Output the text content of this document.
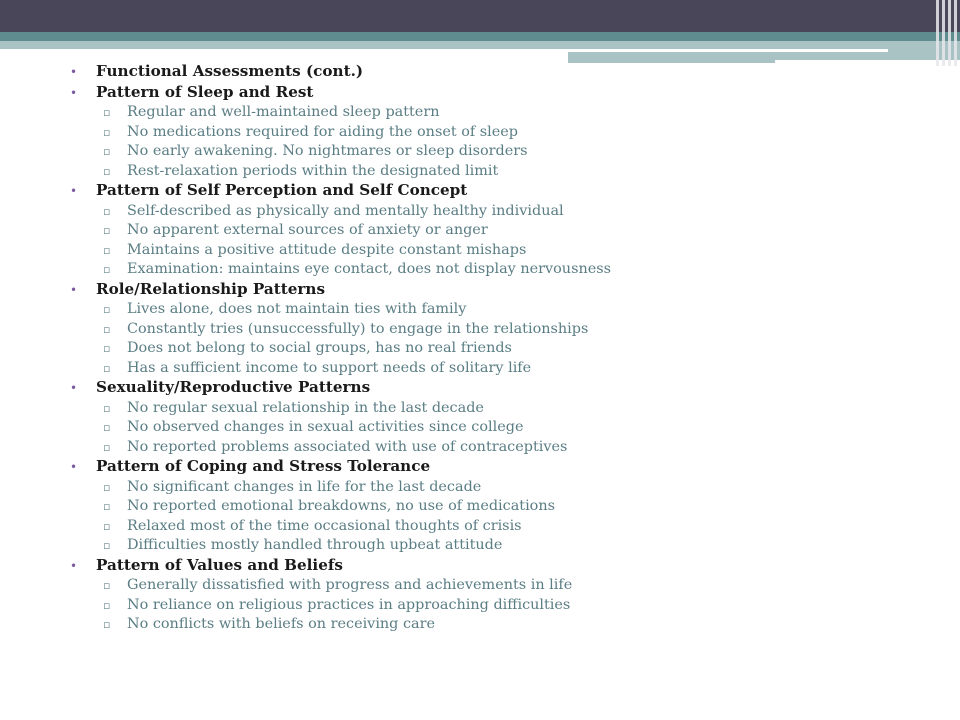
•	Functional Assessments (cont.)
•	Pattern of Sleep and Rest
▫	Regular and well-maintained sleep pattern
▫	No medications required for aiding the onset of sleep
▫	No early awakening. No nightmares or sleep disorders
▫	Rest-relaxation periods within the designated limit
•	Pattern of Self Perception and Self Concept
▫	Self-described as physically and mentally healthy individual
▫	No apparent external sources of anxiety or anger
▫	Maintains a positive attitude despite constant mishaps
▫	Examination: maintains eye contact, does not display nervousness
•	Role/Relationship Patterns
▫	Lives alone, does not maintain ties with family
▫	Constantly tries (unsuccessfully) to engage in the relationships
▫	Does not belong to social groups, has no real friends
▫	Has a sufficient income to support needs of solitary life
•	Sexuality/Reproductive Patterns
▫	No regular sexual relationship in the last decade
▫	No observed changes in sexual activities since college
▫	No reported problems associated with use of contraceptives
•	Pattern of Coping and Stress Tolerance
▫	No significant changes in life for the last decade
▫	No reported emotional breakdowns, no use of medications
▫	Relaxed most of the time occasional thoughts of crisis
▫	Difficulties mostly handled through upbeat attitude
•	Pattern of Values and Beliefs
▫	Generally dissatisfied with progress and achievements in life
▫	No reliance on religious practices in approaching difficulties
▫	No conflicts with beliefs on receiving care
